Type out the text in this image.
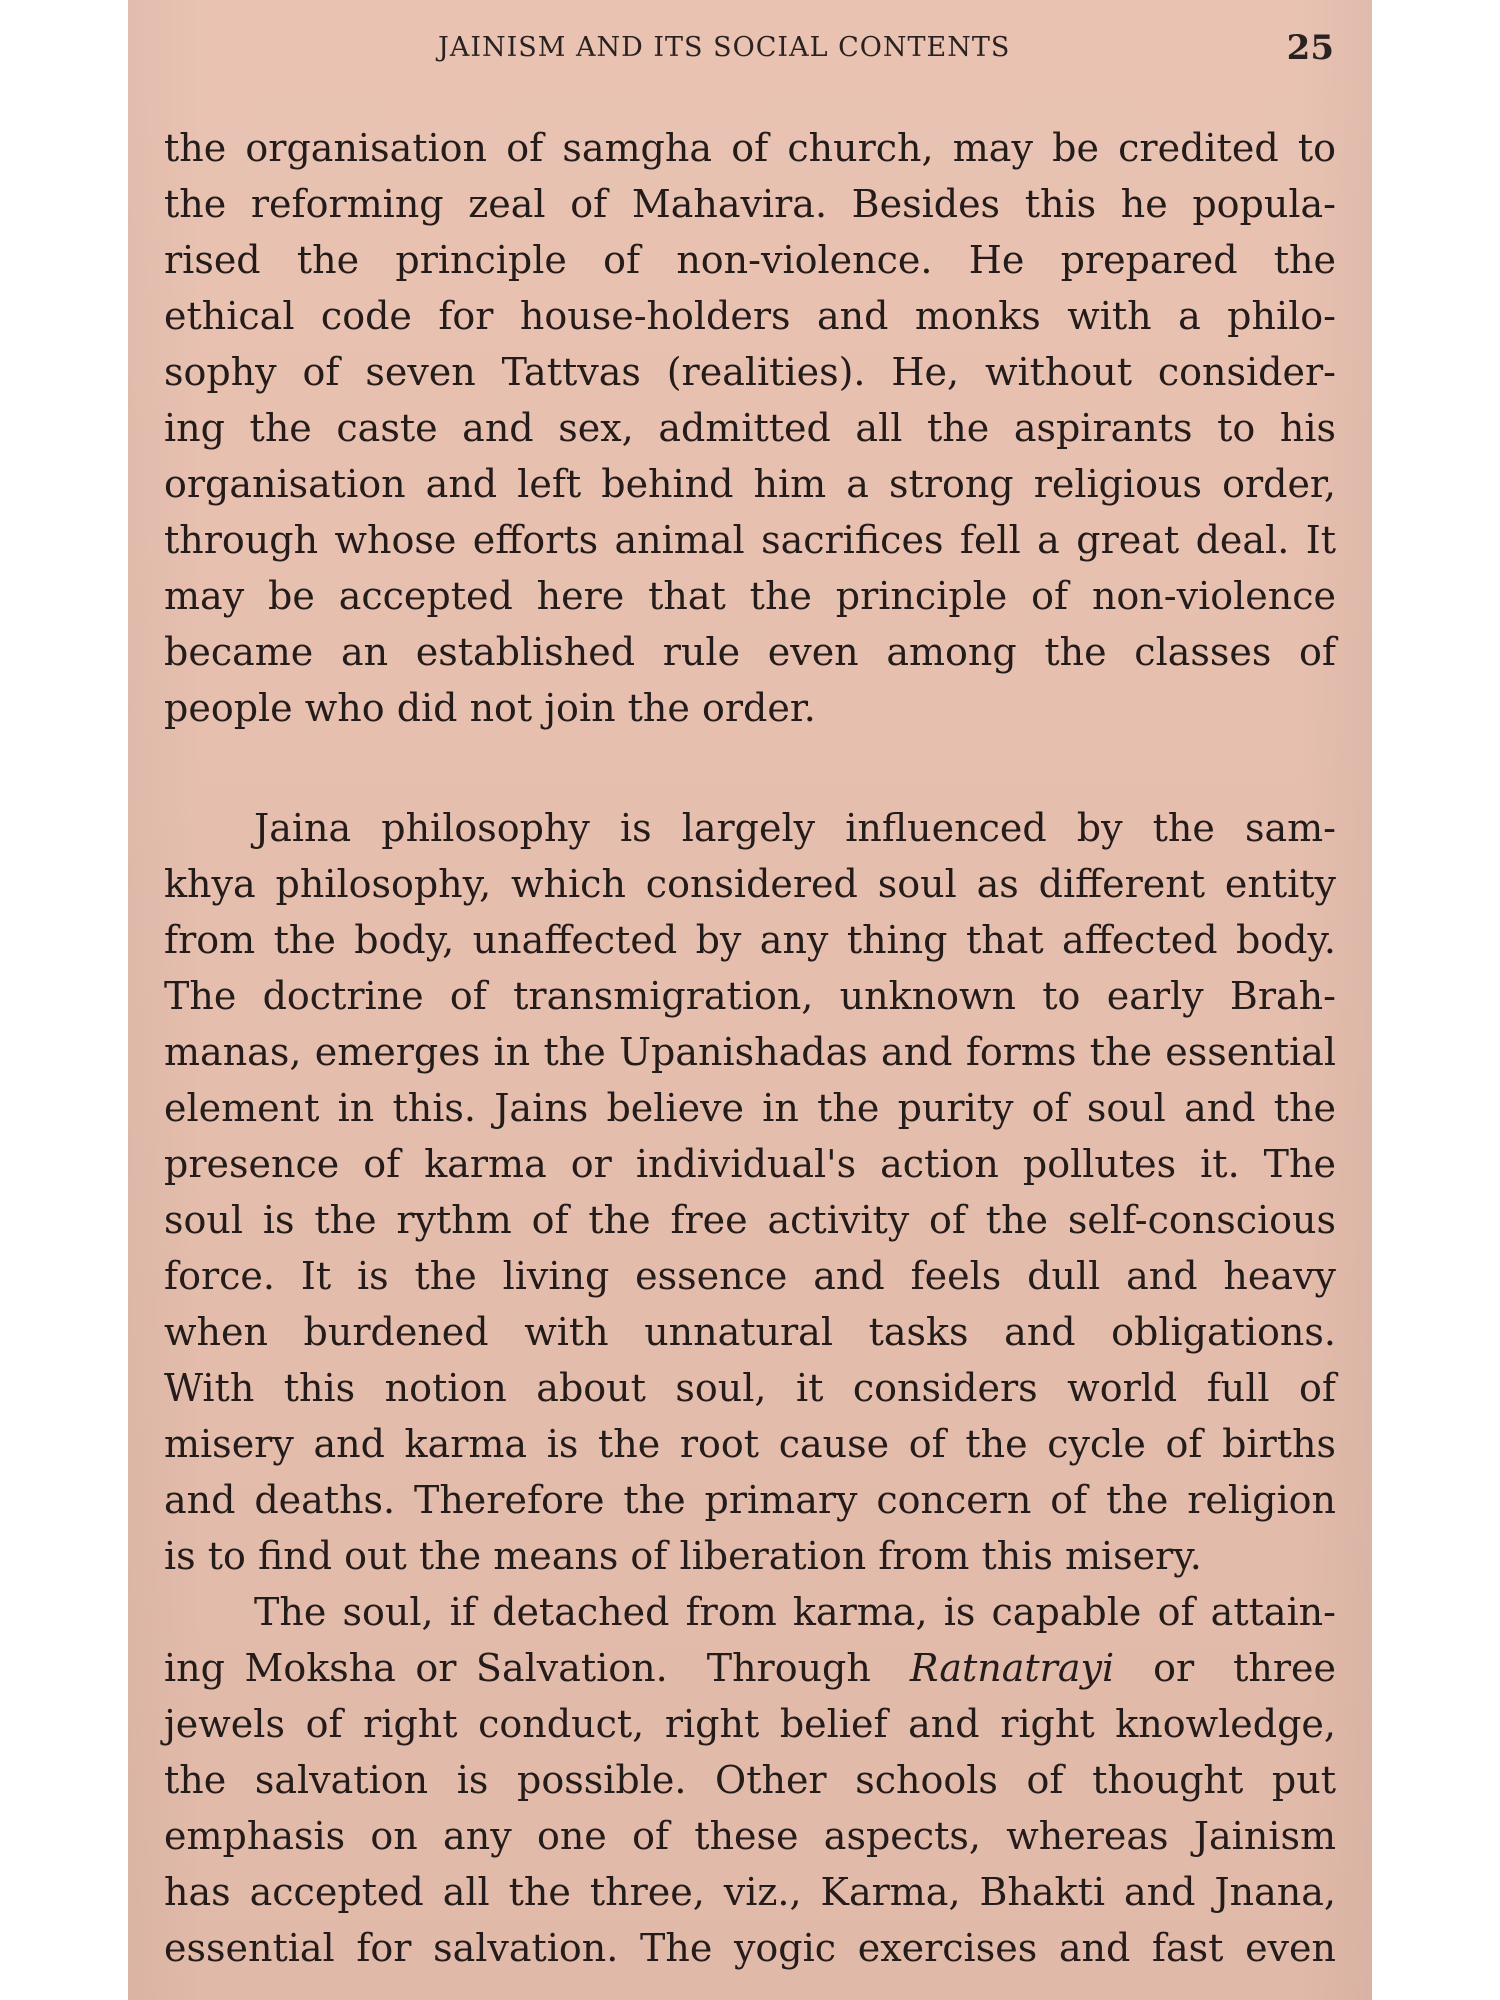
JAINISM AND ITS SOCIAL CONTENTS	25
the organisation of samgha of church, may be credited to
the reforming zeal of Mahavira. Besides this he popula-
rised the principle of non-violence. He prepared the
ethical code for house-holders and monks with a philo-
sophy of seven Tattvas (realities). He, without consider-
ing the caste and sex, admitted all the aspirants to his
organisation and left behind him a strong religious order,
through whose efforts animal sacrifices fell a great deal. It
may be accepted here that the principle of non-violence
became an established rule even among the classes of
people who did not join the order.
Jaina philosophy is largely influenced by the sam-
khya philosophy, which considered soul as different entity
from the body, unaffected by any thing that affected body.
The doctrine of transmigration, unknown to early Brah-
manas, emerges in the Upanishadas and forms the essential
element in this. Jains believe in the purity of soul and the
presence of karma or individual's action pollutes it. The
soul is the rythm of the free activity of the self-conscious
force. It is the living essence and feels dull and heavy
when burdened with unnatural tasks and obligations.
With this notion about soul, it considers world full of
misery and karma is the root cause of the cycle of births
and deaths. Therefore the primary concern of the religion
is to find out the means of liberation from this misery.
The soul, if detached from karma, is capable of attain-
ing Moksha or Salvation.  Through  Ratnatrayi  or  three
jewels of right conduct, right belief and right knowledge,
the salvation is possible. Other schools of thought put
emphasis on any one of these aspects, whereas Jainism
has accepted all the three, viz., Karma, Bhakti and Jnana,
essential for salvation. The yogic exercises and fast even
